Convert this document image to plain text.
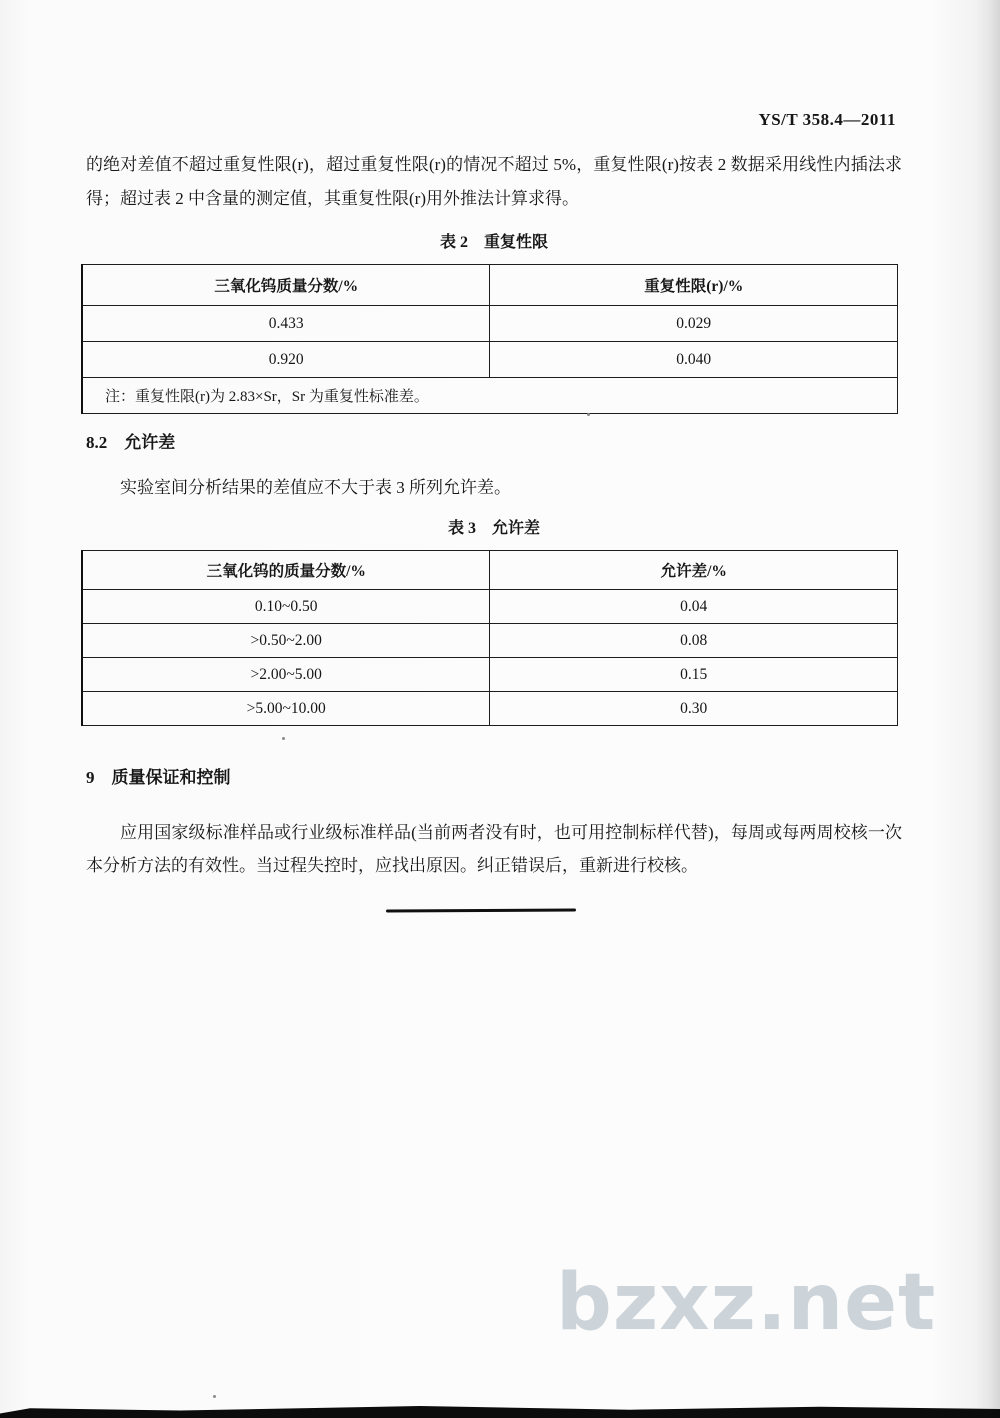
YS/T 358.4—2011
的绝对差值不超过重复性限(r)，超过重复性限(r)的情况不超过 5%，重复性限(r)按表 2 数据采用线性内插法求得；超过表 2 中含量的测定值，其重复性限(r)用外推法计算求得。
表 2　重复性限
三氧化钨质量分数/%	重复性限(r)/%
0.433	0.029
0.920	0.040
注：重复性限(r)为 2.83×Sr，Sr 为重复性标准差。	
8.2　允许差
实验室间分析结果的差值应不大于表 3 所列允许差。
表 3　允许差
三氧化钨的质量分数/%	允许差/%
0.10~0.50	0.04
>0.50~2.00	0.08
>2.00~5.00	0.15
>5.00~10.00	0.30
9　质量保证和控制
应用国家级标准样品或行业级标准样品(当前两者没有时，也可用控制标样代替)，每周或每两周校核一次本分析方法的有效性。当过程失控时，应找出原因。纠正错误后，重新进行校核。
bzxz.net
